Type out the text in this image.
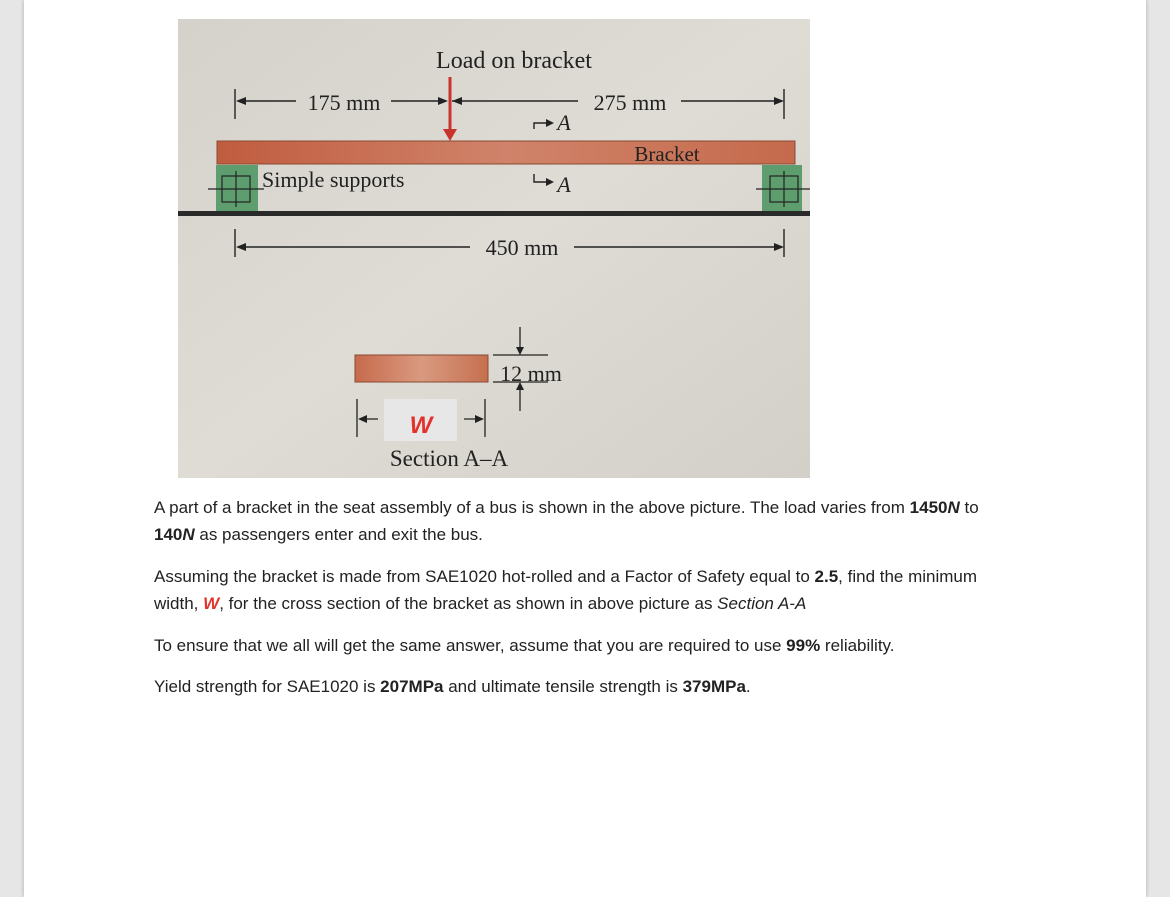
Load on bracket
175 mm	275 mm
A
A
Bracket
Simple supports
450 mm
12 mm
W
Section A–A

A part of a bracket in the seat assembly of a bus is shown in the above picture. The load varies from 1450N to 140N as passengers enter and exit the bus.

Assuming the bracket is made from SAE1020 hot-rolled and a Factor of Safety equal to 2.5, find the minimum width, W, for the cross section of the bracket as shown in above picture as Section A-A

To ensure that we all will get the same answer, assume that you are required to use 99% reliability.

Yield strength for SAE1020 is 207MPa and ultimate tensile strength is 379MPa.
